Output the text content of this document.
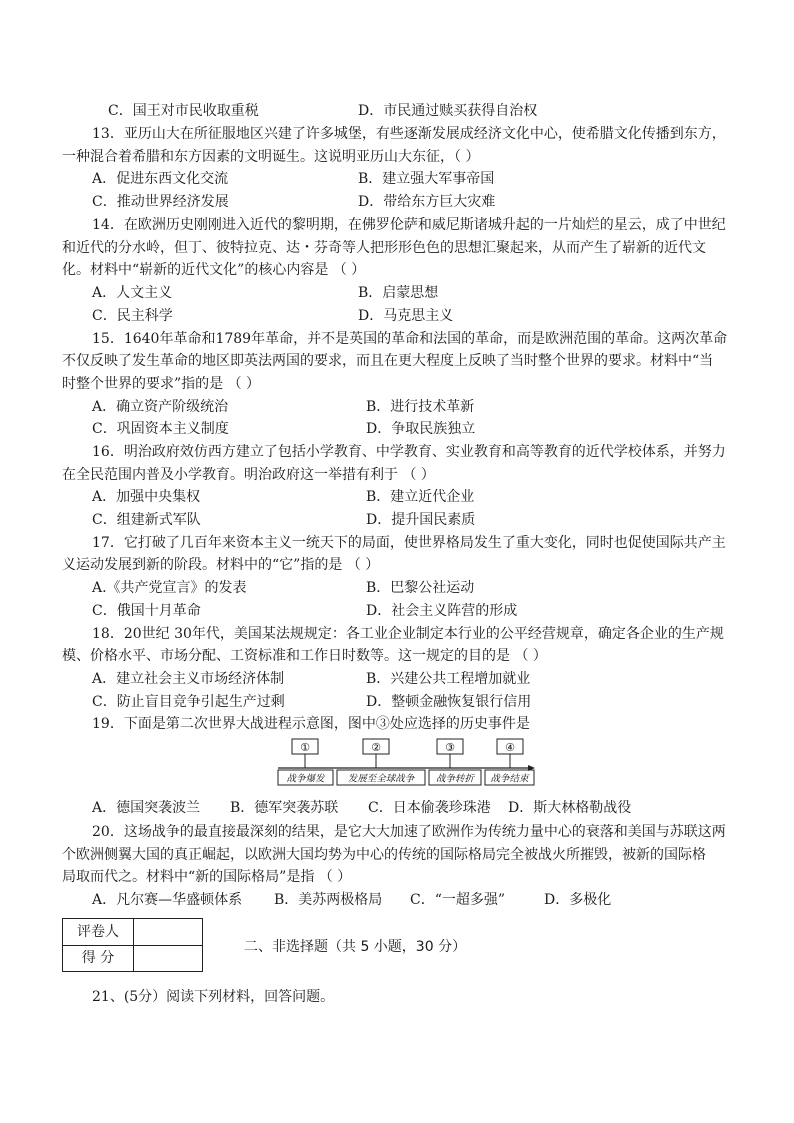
C．国王对市民收取重税	D．市民通过赎买获得自治权
13．亚历山大在所征服地区兴建了许多城堡，有些逐渐发展成经济文化中心，使希腊文化传播到东方，
一种混合着希腊和东方因素的文明诞生。这说明亚历山大东征，（ ）
A．促进东西文化交流	B．建立强大军事帝国
C．推动世界经济发展	D．带给东方巨大灾难
14．在欧洲历史刚刚进入近代的黎明期，在佛罗伦萨和威尼斯诸城升起的一片灿烂的星云，成了中世纪
和近代的分水岭，但丁、彼特拉克、达・芬奇等人把形形色色的思想汇聚起来，从而产生了崭新的近代文
化。材料中“崭新的近代文化”的核心内容是 （ ）
A．人文主义	B．启蒙思想
C．民主科学	D．马克思主义
15．1640年革命和1789年革命，并不是英国的革命和法国的革命，而是欧洲范围的革命。这两次革命
不仅反映了发生革命的地区即英法两国的要求，而且在更大程度上反映了当时整个世界的要求。材料中“当
时整个世界的要求”指的是 （ ）
A．确立资产阶级统治	B．进行技术革新
C．巩固资本主义制度	D．争取民族独立
16．明治政府效仿西方建立了包括小学教育、中学教育、实业教育和高等教育的近代学校体系，并努力
在全民范围内普及小学教育。明治政府这一举措有利于 （ ）
A．加强中央集权	B．建立近代企业
C．组建新式军队	D．提升国民素质
17．它打破了几百年来资本主义一统天下的局面，使世界格局发生了重大变化，同时也促使国际共产主
义运动发展到新的阶段。材料中的“它”指的是 （ ）
A.《共产党宣言》的发表	B．巴黎公社运动
C．俄国十月革命	D．社会主义阵营的形成
18．20世纪 30年代，美国某法规规定：各工业企业制定本行业的公平经营规章，确定各企业的生产规
模、价格水平、市场分配、工资标准和工作日时数等。这一规定的目的是 （ ）
A．建立社会主义市场经济体制	B．兴建公共工程增加就业
C．防止盲目竞争引起生产过剩	D．整顿金融恢复银行信用
19．下面是第二次世界大战进程示意图，图中③处应选择的历史事件是
①	②	③	④
战争爆发 发展至全球战争 战争转折 战争结束
A．德国突袭波兰 B．德军突袭苏联 C．日本偷袭珍珠港 D．斯大林格勒战役
20．这场战争的最直接最深刻的结果，是它大大加速了欧洲作为传统力量中心的衰落和美国与苏联这两
个欧洲侧翼大国的真正崛起，以欧洲大国均势为中心的传统的国际格局完全被战火所摧毁，被新的国际格
局取而代之。材料中“新的国际格局”是指 （ ）
A．凡尔赛—华盛顿体系 B．美苏两极格局 C．“一超多强”	D．多极化
评卷人
得 分
二、非选择题（共 5 小题，30 分）
21、(5分）阅读下列材料，回答问题。
